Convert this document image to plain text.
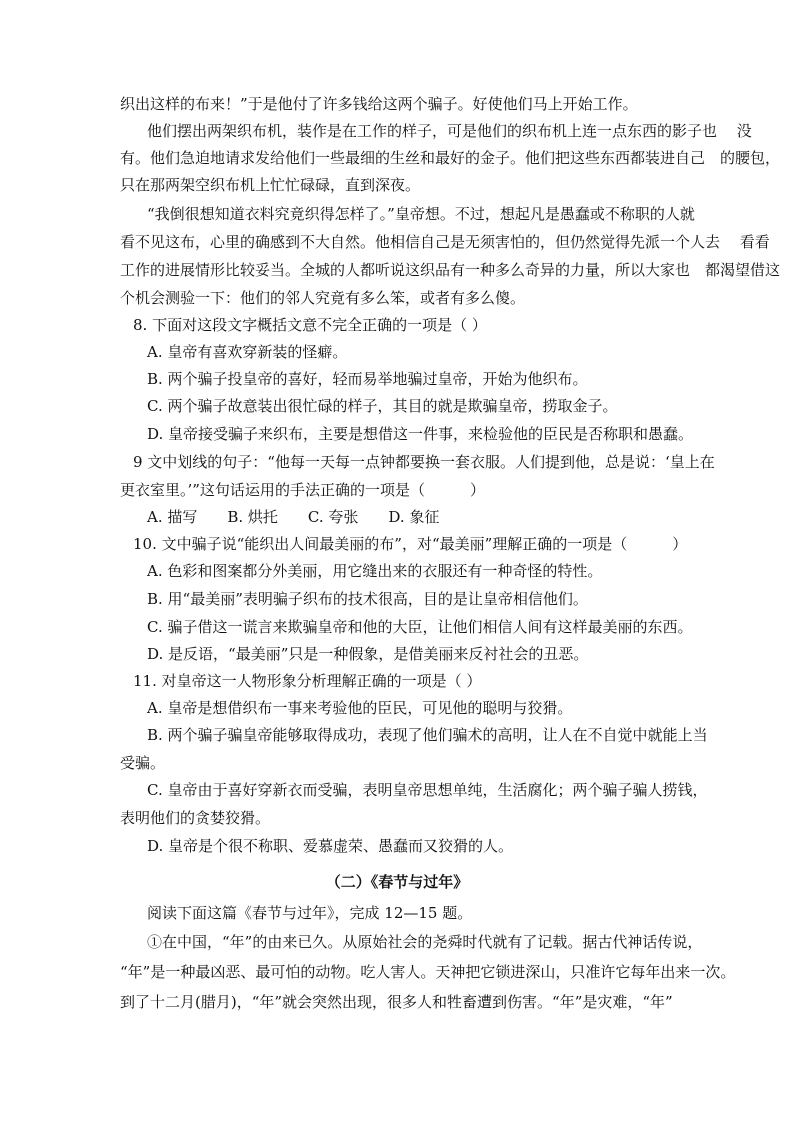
织出这样的布来！”于是他付了许多钱给这两个骗子。好使他们马上开始工作。
他们摆出两架织布机，装作是在工作的样子，可是他们的织布机上连一点东西的影子也　 没
有。他们急迫地请求发给他们一些最细的生丝和最好的金子。他们把这些东西都装进自己　的腰包，
只在那两架空织布机上忙忙碌碌，直到深夜。
“我倒很想知道衣料究竟织得怎样了。”皇帝想。不过，想起凡是愚蠢或不称职的人就
看不见这布，心里的确感到不大自然。他相信自己是无须害怕的，但仍然觉得先派一个人去　 看看
工作的进展情形比较妥当。全城的人都听说这织品有一种多么奇异的力量，所以大家也　都渴望借这
个机会测验一下：他们的邻人究竟有多么笨，或者有多么傻。
8. 下面对这段文字概括文意不完全正确的一项是（ ）
A. 皇帝有喜欢穿新装的怪癖。
B. 两个骗子投皇帝的喜好，轻而易举地骗过皇帝，开始为他织布。
C. 两个骗子故意装出很忙碌的样子，其目的就是欺骗皇帝，捞取金子。
D. 皇帝接受骗子来织布，主要是想借这一件事，来检验他的臣民是否称职和愚蠢。
9 文中划线的句子：“他每一天每一点钟都要换一套衣服。人们提到他，总是说：‘皇上在
更衣室里。’”这句话运用的手法正确的一项是（　　　）
A. 描写　　B. 烘托　　C. 夸张　　D. 象征
10. 文中骗子说“能织出人间最美丽的布”，对“最美丽”理解正确的一项是（　　　）
A. 色彩和图案都分外美丽，用它缝出来的衣服还有一种奇怪的特性。
B. 用“最美丽”表明骗子织布的技术很高，目的是让皇帝相信他们。
C. 骗子借这一谎言来欺骗皇帝和他的大臣，让他们相信人间有这样最美丽的东西。
D. 是反语，“最美丽”只是一种假象，是借美丽来反衬社会的丑恶。
11. 对皇帝这一人物形象分析理解正确的一项是（ ）
A. 皇帝是想借织布一事来考验他的臣民，可见他的聪明与狡猾。
B. 两个骗子骗皇帝能够取得成功，表现了他们骗术的高明，让人在不自觉中就能上当
受骗。
C. 皇帝由于喜好穿新衣而受骗，表明皇帝思想单纯，生活腐化；两个骗子骗人捞钱，
表明他们的贪婪狡猾。
D. 皇帝是个很不称职、爱慕虚荣、愚蠢而又狡猾的人。
（二）《春节与过年》
阅读下面这篇《春节与过年》，完成 12—15 题。
①在中国，“年”的由来已久。从原始社会的尧舜时代就有了记载。据古代神话传说，
“年”是一种最凶恶、最可怕的动物。吃人害人。天神把它锁进深山，只准许它每年出来一次。
到了十二月(腊月)，“年”就会突然出现，很多人和牲畜遭到伤害。“年”是灾难，“年”
